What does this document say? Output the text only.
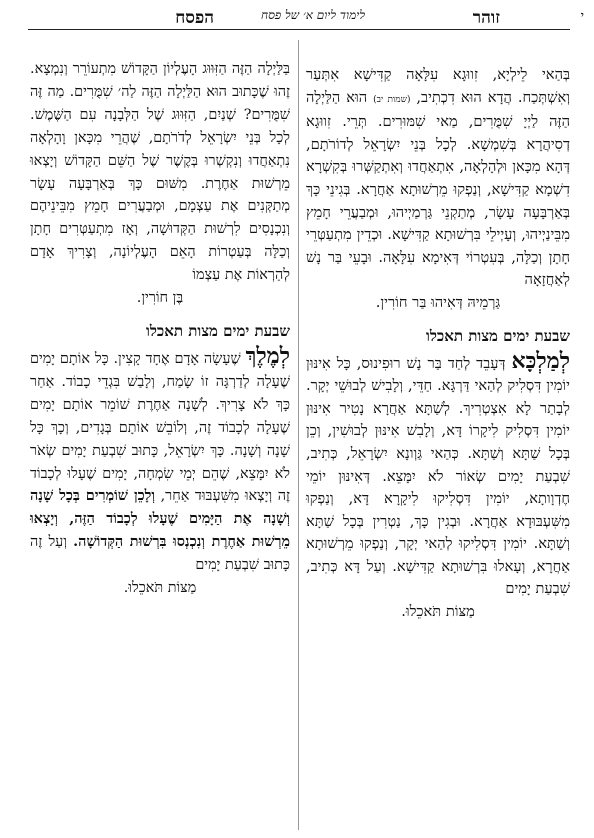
י
זוהר
לימוד ליום א׳ של פסח
הפסח

בְּהַאי לֵילְיָא, זִווּגָא עִלָּאָה קַדִּישָׁא אִתְּעַר וְאִשְׁתְּכַח. הֲדָא הוּא דִכְתִיב, (שמות יב) הוּא הַלַּיְלָה הַזֶּה לַיְיָ שִׁמֻּרִים, מַאי שִׁמּוּרִים. תְּרֵי. זִווּגָא דְסִיהֲרָא בְּשִׁמְשָׁא. לְכָל בְּנֵי יִשְׂרָאֵל לְדוֹרֹתָם, דְּהָא מִכָּאן וּלְהָלְאָה, אִתְאַחֲדוּ וְאִתְקַשְּׁרוּ בְּקִשְׁרָא דִשְׁמָא קַדִּישָׁא, וְנַפְקוּ מֵרְשׁוּתָא אַחֲרָא. בְּגִינֵי כָּךְ בְּאַרְבָּעָה עָשָׂר, מְתַקְנֵי גַּרְמַיְיהוּ, וּמְבַעֲרֵי חָמֵץ מִבֵּינַיְיהוּ, וְעָיְילֵי בִּרְשׁוּתָא קַדִּישָׁא. וּכְדֵין מִתְעַטְּרֵי חָתָן וְכַלָּה, בְּעִטְרוֹי דְּאִימָא עִלָּאָה. וּבָעֵי בַּר נָשׁ לְאַחֲזָאָה

גַּרְמֵיהּ דְּאִיהוּ בַּר חוֹרִין.

שבעת ימים מצות תאכלו

לְמַלְכָּא דְּעָבֵד לְחַד בַּר נָשׁ רוּפִינוּס, כָּל אִינּוּן יוֹמִין דִּסְלִיק לְהַאי דַּרְגָּא. חַדֵּי, וְלָבִישׁ לְבוּשֵׁי יְקָר. לְבָתַר לָא אִצְטְרִיךְ. לְשַׁתָּא אַחֲרָא נָטִיר אִינּוּן יוֹמִין דִּסְלִיק לִיקָרוֹ דָּא, וְלָבִשׁ אִינּוּן לְבוּשִׁין, וְכֵן בְּכָל שַׁתָּא וְשַׁתָּא. כְּהַאי גַּוְונָא יִשְׂרָאֵל, כְּתִיב, שִׁבְעַת יָמִים שְׂאוֹר לֹא יִמָּצֵא. דְּאִינּוּן יוֹמֵי חֶדְוָותָא, יוֹמִין דִּסְלִיקוּ לִיקָרָא דָּא, וְנַפְקוּ מִשִּׁעְבּוּדָא אַחֲרָא. וּבְגִין כָּךְ, נַטְרִין בְּכָל שַׁתָּא וְשַׁתָּא. יוֹמִין דִּסְלִיקוּ לְהַאי יְקָר, וְנַפְקוּ מֵרְשׁוּתָא אַחֲרָא, וְעָאלוּ בִּרְשׁוּתָא קַדִּישָׁא. וְעַל דָּא כְּתִיב, שִׁבְעַת יָמִים

מַצּוֹת תֹּאכֵלוּ.

בַּלַּיְלָה הַזֶּה הַזִּוּוּג הָעֶלְיוֹן הַקָּדוֹשׁ מִתְעוֹרֵר וְנִמְצָא. זֶהוּ שֶׁכָּתוּב הוּא הַלַּיְלָה הַזֶּה לַה׳ שִׁמֻּרִים. מַה זֶּה שִׁמֻּרִים? שְׁנַיִם, הַזִּוּוּג שֶׁל הַלְּבָנָה עִם הַשֶּׁמֶשׁ. לְכָל בְּנֵי יִשְׂרָאֵל לְדֹרֹתָם, שֶׁהֲרֵי מִכָּאן וָהָלְאָה נִתְאַחֲדוּ וְנִקְשְׁרוּ בְּקֶשֶׁר שֶׁל הַשֵּׁם הַקָּדוֹשׁ וְיָצְאוּ מֵרְשׁוּת אַחֶרֶת. מִשּׁוּם כָּךְ בְּאַרְבָּעָה עָשָׂר מְתַקְּנִים אֶת עַצְמָם, וּמְבַעֲרִים חָמֵץ מִבֵּינֵיהֶם וְנִכְנָסִים לִרְשׁוּת הַקְּדוּשָׁה, וְאָז מִתְעַטְּרִים חָתָן וְכַלָּה בְּעַטְרוֹת הָאֵם הָעֶלְיוֹנָה, וְצָרִיךְ אָדָם לְהַרְאוֹת אֶת עַצְמוֹ

בֶּן חוֹרִין.

שבעת ימים מצות תאכלו

לְמֶלֶךְ שֶׁעָשָׂה אָדָם אֶחָד קָצִין. כָּל אוֹתָם יָמִים שֶׁעָלָה לְדַרְגָּה זוֹ שָׂמַח, וְלָבַשׁ בִּגְדֵי כָבוֹד. אַחַר כָּךְ לֹא צָרִיךְ. לְשָׁנָה אַחֶרֶת שׁוֹמֵר אוֹתָם יָמִים שֶׁעָלָה לְכָבוֹד זֶה, וְלוֹבֵשׁ אוֹתָם בְּגָדִים, וְכָךְ כָּל שָׁנָה וְשָׁנָה. כָּךְ יִשְׂרָאֵל, כָּתוּב שִׁבְעַת יָמִים שְׂאֹר לֹא יִמָּצֵא, שֶׁהֵם יְמֵי שִׂמְחָה, יָמִים שֶׁעָלוּ לְכָבוֹד זֶה וְיָצְאוּ מִשִּׁעְבּוּד אַחֵר, וְלָכֵן שׁוֹמְרִים בְּכָל שָׁנָה וְשָׁנָה אֶת הַיָּמִים שֶׁעָלוּ לְכָבוֹד הַזֶּה, וְיָצְאוּ מֵרְשׁוּת אַחֶרֶת וְנִכְנְסוּ בִּרְשׁוּת הַקְּדוֹשָׁה. וְעַל זֶה כָּתוּב שִׁבְעַת יָמִים

מַצּוֹת תֹּאכֵלוּ.
